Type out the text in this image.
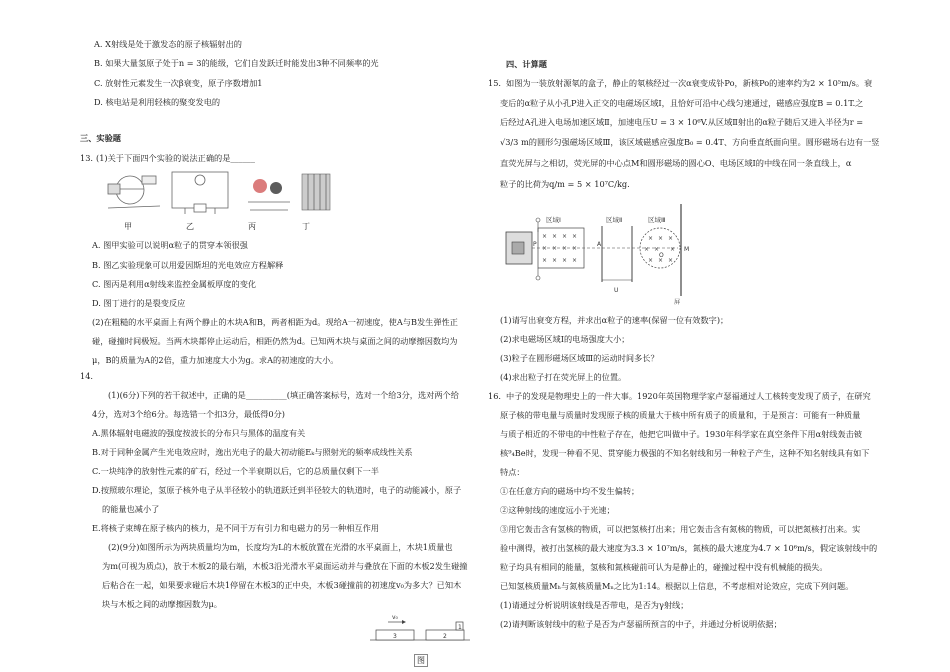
A. X射线是处于激发态的原子核辐射出的
B. 如果大量氢原子处于n = 3的能级，它们自发跃迁时能发出3种不同频率的光
C. 放射性元素发生一次β衰变，原子序数增加1
D. 核电站是利用轻核的聚变发电的
三、实验题
13. (1)关于下面四个实验的说法正确的是______
甲	乙	丙	丁
A. 图甲实验可以说明α粒子的贯穿本领很强
B. 图乙实验现象可以用爱因斯坦的光电效应方程解释
C. 图丙是利用α射线来监控金属板厚度的变化
D. 图丁进行的是裂变反应
(2)在粗糙的水平桌面上有两个静止的木块A和B，两者相距为d。现给A一初速度，使A与B发生弹性正
碰，碰撞时间极短。当两木块都停止运动后，相距仍然为d。已知两木块与桌面之间的动摩擦因数均为
μ，B的质量为A的2倍，重力加速度大小为g。求A的初速度的大小。
14.
(1)(6分)下列的若干叙述中，正确的是__________(填正确答案标号，选对一个给3分，选对两个给
4分，选对3个给6分。每选错一个扣3分，最低得0分)
A.黑体辐射电磁波的强度按波长的分布只与黑体的温度有关
B.对于同种金属产生光电效应时，逸出光电子的最大初动能Eₖ与照射光的频率成线性关系
C.一块纯净的放射性元素的矿石，经过一个半衰期以后，它的总质量仅剩下一半
D.按照玻尔理论，氢原子核外电子从半径较小的轨道跃迁到半径较大的轨道时，电子的动能减小，原子
的能量也减小了
E.将核子束缚在原子核内的核力，是不同于万有引力和电磁力的另一种相互作用
(2)(9分)如图所示为两块质量均为m，长度均为L的木板放置在光滑的水平桌面上，木块1质量也
为m(可视为质点)，放于木板2的最右端，木板3沿光滑水平桌面运动并与叠放在下面的木板2发生碰撞
后粘合在一起，如果要求碰后木块1停留在木板3的正中央，木板3碰撞前的初速度v₀为多大？已知木
块与木板之间的动摩擦因数为μ。
v₀
3	2
1
四、计算题
15. 如图为一装放射源氡的盒子，静止的氡核经过一次α衰变成钋Po，新核Po的速率约为2 × 10⁵m/s。衰
变后的α粒子从小孔P进入正交的电磁场区域Ⅰ，且恰好可沿中心线匀速通过，磁感应强度B = 0.1T.之
后经过A孔进入电场加速区域Ⅱ，加速电压U = 3 × 10⁶V.从区域Ⅱ射出的α粒子随后又进入半径为r =
√3/3 m的圆形匀强磁场区域Ⅲ，该区域磁感应强度B₀ = 0.4T、方向垂直纸面向里。圆形磁场右边有一竖
直荧光屏与之相切，荧光屏的中心点M和圆形磁场的圆心O、电场区域Ⅰ的中线在同一条直线上，α
粒子的比荷为q/m = 5 × 10⁷C/kg.
× × × ×
× × × ×
× × × ×
× × ×
× × ×
× × ×
区域Ⅰ	区域Ⅱ	区域Ⅲ
P	A
U
O
M
屏
(1)请写出衰变方程，并求出α粒子的速率(保留一位有效数字)；
(2)求电磁场区域Ⅰ的电场强度大小；
(3)粒子在圆形磁场区域Ⅲ的运动时间多长？
(4)求出粒子打在荧光屏上的位置。
16. 中子的发现是物理史上的一件大事。1920年英国物理学家卢瑟福通过人工核转变发现了质子，在研究
原子核的带电量与质量时发现原子核的质量大于核中所有质子的质量和，于是预言：可能有一种质量
与质子相近的不带电的中性粒子存在，他把它叫做中子。1930年科学家在真空条件下用α射线轰击铍
核⁹₄Be时，发现一种看不见、贯穿能力极强的不知名射线和另一种粒子产生，这种不知名射线具有如下
特点：
①在任意方向的磁场中均不发生偏转；
②这种射线的速度远小于光速；
③用它轰击含有氢核的物质，可以把氢核打出来；用它轰击含有氮核的物质，可以把氮核打出来。实
验中测得，被打出氢核的最大速度为3.3 × 10⁷m/s，氮核的最大速度为4.7 × 10⁶m/s，假定该射线中的
粒子均具有相同的能量，氢核和氮核碰前可认为是静止的，碰撞过程中没有机械能的损失。
已知氢核质量Mₕ与氮核质量Mₙ之比为1:14。根据以上信息，不考虑相对论效应，完成下列问题。
(1)请通过分析说明该射线是否带电，是否为γ射线；
(2)请判断该射线中的粒子是否为卢瑟福所预言的中子，并通过分析说明依据；
图
